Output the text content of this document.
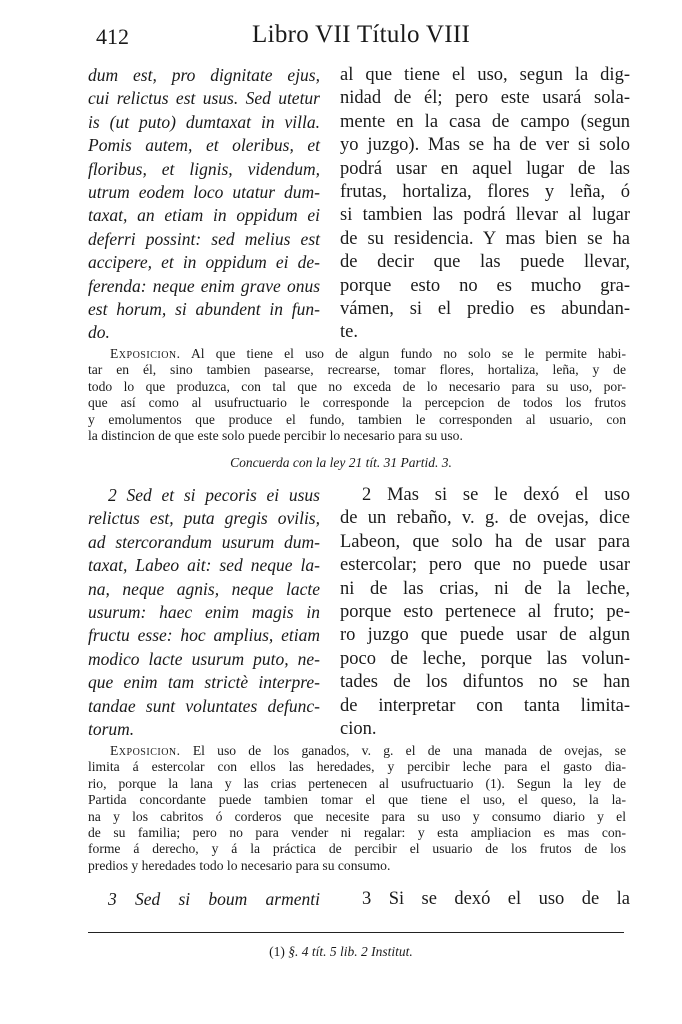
412	Libro VII Título VIII
dum est, pro dignitate ejus,
cui relictus est usus. Sed utetur
is (ut puto) dumtaxat in villa.
Pomis autem, et oleribus, et
floribus, et lignis, videndum,
utrum eodem loco utatur dum-
taxat, an etiam in oppidum ei
deferri possint: sed melius est
accipere, et in oppidum ei de-
ferenda: neque enim grave onus
est horum, si abundent in fun-
do.
al que tiene el uso, segun la dig-
nidad de él; pero este usará sola-
mente en la casa de campo (segun
yo juzgo). Mas se ha de ver si solo
podrá usar en aquel lugar de las
frutas, hortaliza, flores y leña, ó
si tambien las podrá llevar al lugar
de su residencia. Y mas bien se ha
de decir que las puede llevar,
porque esto no es mucho gra-
vámen, si el predio es abundan-
te.
Exposicion. Al que tiene el uso de algun fundo no solo se le permite habi-
tar en él, sino tambien pasearse, recrearse, tomar flores, hortaliza, leña, y de
todo lo que produzca, con tal que no exceda de lo necesario para su uso, por-
que así como al usufructuario le corresponde la percepcion de todos los frutos
y emolumentos que produce el fundo, tambien le corresponden al usuario, con
la distincion de que este solo puede percibir lo necesario para su uso.
Concuerda con la ley 21 tít. 31 Partid. 3.
2 Sed et si pecoris ei usus
relictus est, puta gregis ovilis,
ad stercorandum usurum dum-
taxat, Labeo ait: sed neque la-
na, neque agnis, neque lacte
usurum: haec enim magis in
fructu esse: hoc amplius, etiam
modico lacte usurum puto, ne-
que enim tam strictè interpre-
tandae sunt voluntates defunc-
torum.
2 Mas si se le dexó el uso
de un rebaño, v. g. de ovejas, dice
Labeon, que solo ha de usar para
estercolar; pero que no puede usar
ni de las crias, ni de la leche,
porque esto pertenece al fruto; pe-
ro juzgo que puede usar de algun
poco de leche, porque las volun-
tades de los difuntos no se han
de interpretar con tanta limita-
cion.
Exposicion. El uso de los ganados, v. g. el de una manada de ovejas, se
limita á estercolar con ellos las heredades, y percibir leche para el gasto dia-
rio, porque la lana y las crias pertenecen al usufructuario (1). Segun la ley de
Partida concordante puede tambien tomar el que tiene el uso, el queso, la la-
na y los cabritos ó corderos que necesite para su uso y consumo diario y el
de su familia; pero no para vender ni regalar: y esta ampliacion es mas con-
forme á derecho, y á la práctica de percibir el usuario de los frutos de los
predios y heredades todo lo necesario para su consumo.
3 Sed si boum armenti	3 Si se dexó el uso de la
(1) §. 4 tít. 5 lib. 2 Institut.
